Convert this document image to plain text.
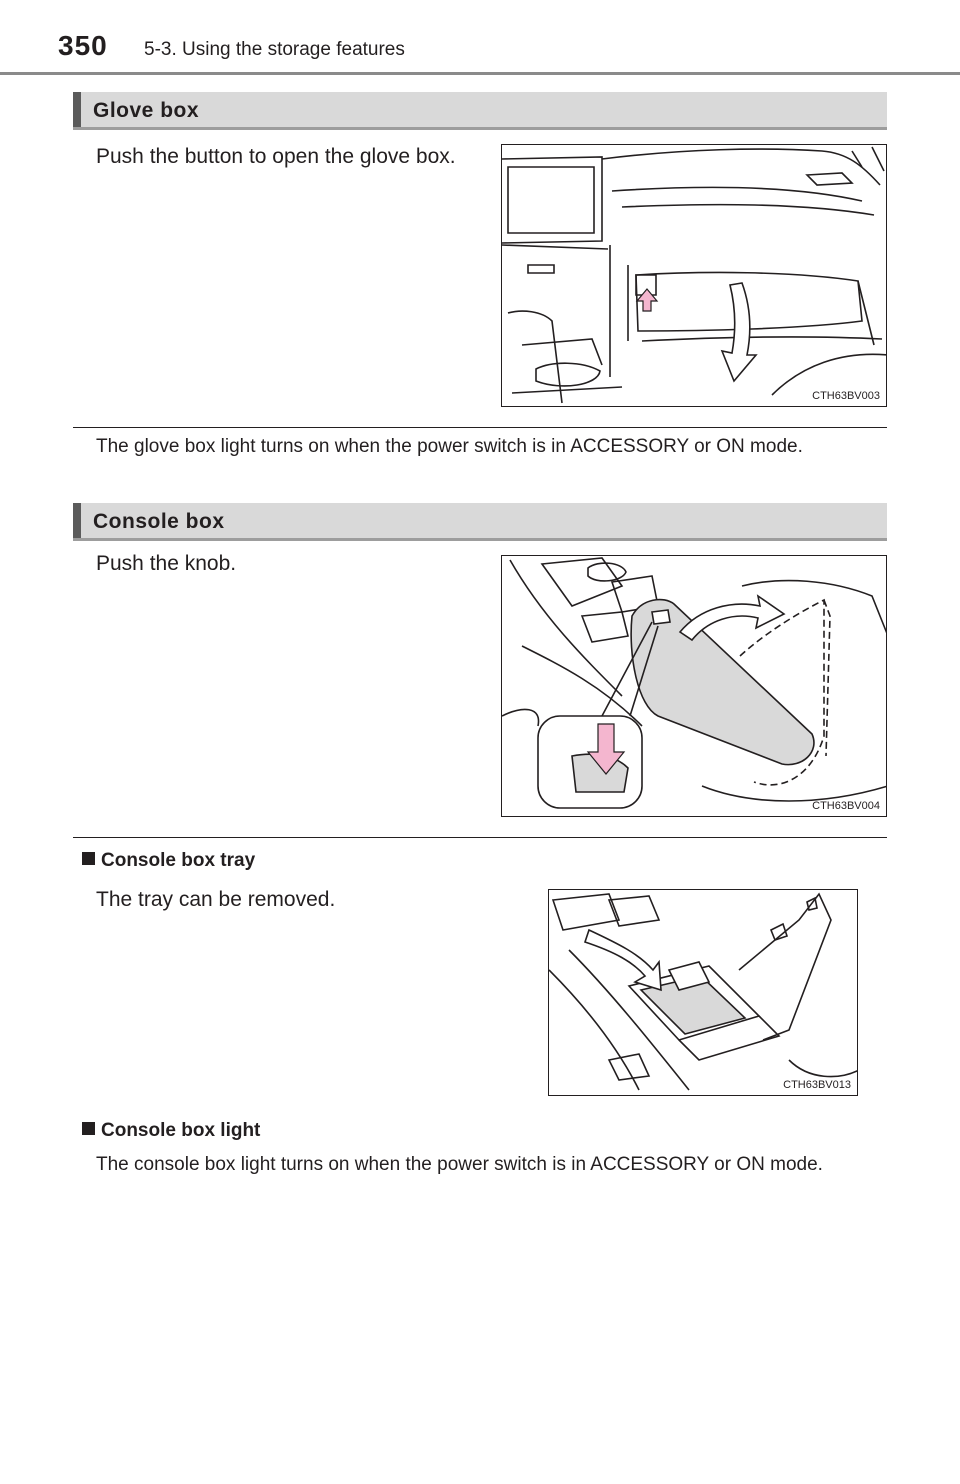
350 5-3. Using the storage features
Glove box
Push the button to open the glove box.
CTH63BV003
The glove box light turns on when the power switch is in ACCESSORY or ON mode.
Console box
Push the knob.
CTH63BV004
Console box tray
The tray can be removed.
CTH63BV013
Console box light
The console box light turns on when the power switch is in ACCESSORY or ON mode.
